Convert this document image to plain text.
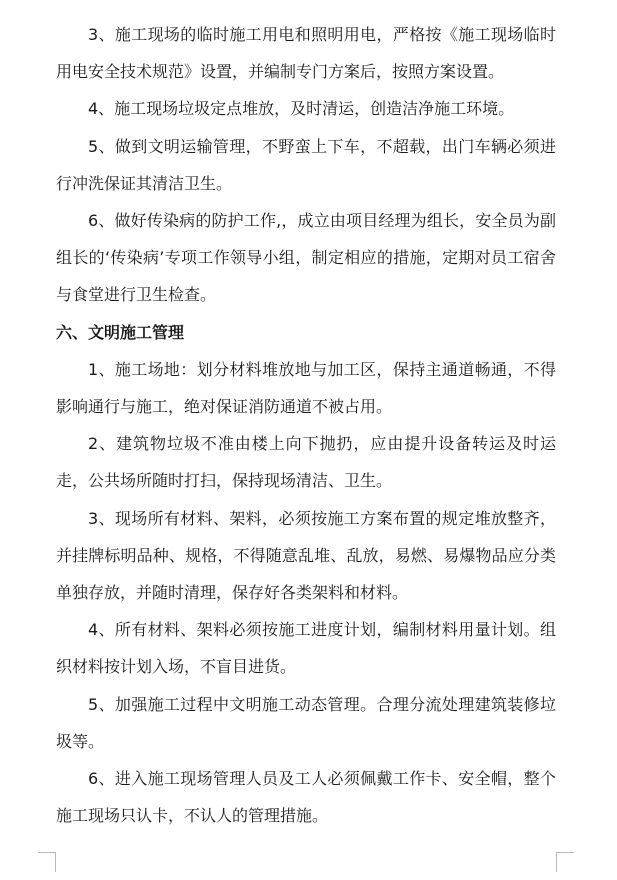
3、施工现场的临时施工用电和照明用电，严格按《施工现场临时用电安全技术规范》设置，并编制专门方案后，按照方案设置。

4、施工现场垃圾定点堆放，及时清运，创造洁净施工环境。

5、做到文明运输管理，不野蛮上下车，不超载，出门车辆必须进行冲洗保证其清洁卫生。

6、做好传染病的防护工作,，成立由项目经理为组长，安全员为副组长的‘传染病’专项工作领导小组，制定相应的措施，定期对员工宿舍与食堂进行卫生检查。

六、文明施工管理

1、施工场地：划分材料堆放地与加工区，保持主通道畅通，不得影响通行与施工，绝对保证消防通道不被占用。

2、建筑物垃圾不准由楼上向下抛扔，应由提升设备转运及时运走，公共场所随时打扫，保持现场清洁、卫生。

3、现场所有材料、架料，必须按施工方案布置的规定堆放整齐，并挂牌标明品种、规格，不得随意乱堆、乱放，易燃、易爆物品应分类单独存放，并随时清理，保存好各类架料和材料。

4、所有材料、架料必须按施工进度计划，编制材料用量计划。组织材料按计划入场，不盲目进货。

5、加强施工过程中文明施工动态管理。合理分流处理建筑装修垃圾等。

6、进入施工现场管理人员及工人必须佩戴工作卡、安全帽，整个施工现场只认卡，不认人的管理措施。
